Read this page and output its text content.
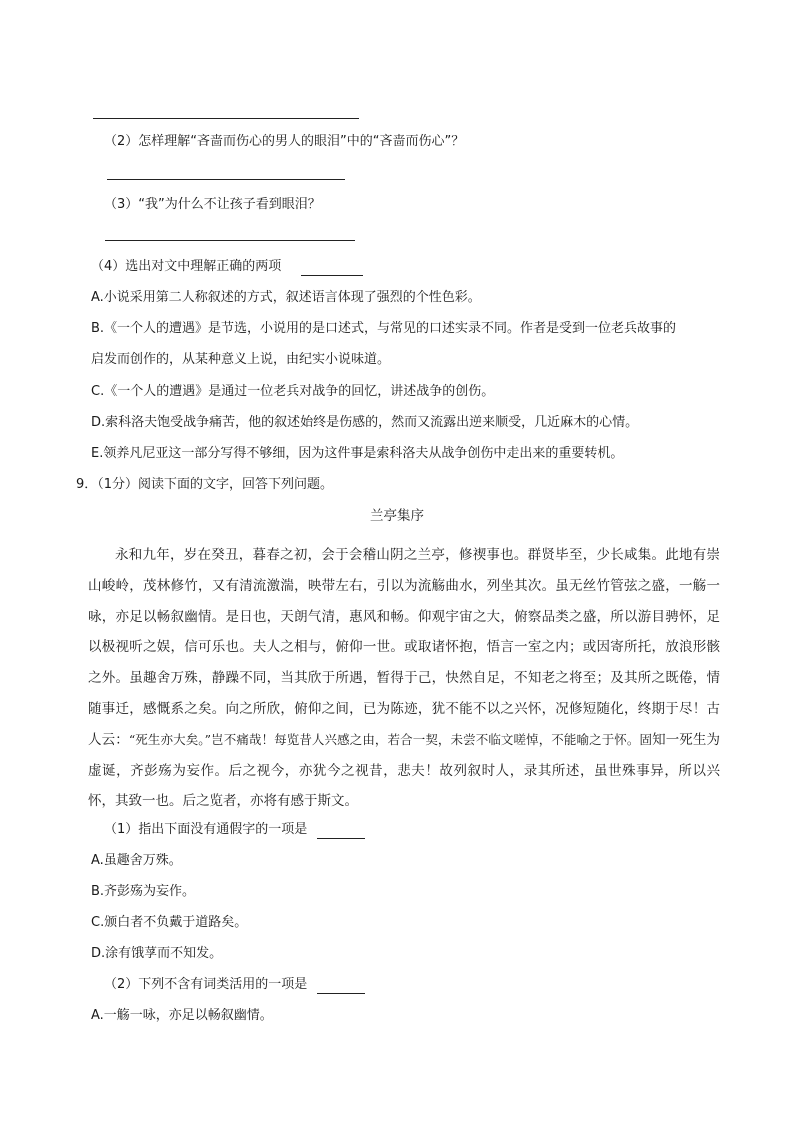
（2）怎样理解“吝啬而伤心的男人的眼泪”中的“吝啬而伤心”？
（3）“我”为什么不让孩子看到眼泪？
（4）选出对文中理解正确的两项
A.小说采用第二人称叙述的方式，叙述语言体现了强烈的个性色彩。
B.《一个人的遭遇》是节选，小说用的是口述式，与常见的口述实录不同。作者是受到一位老兵故事的
启发而创作的，从某种意义上说，由纪实小说味道。
C.《一个人的遭遇》是通过一位老兵对战争的回忆，讲述战争的创伤。
D.索科洛夫饱受战争痛苦，他的叙述始终是伤感的，然而又流露出逆来顺受，几近麻木的心情。
E.领养凡尼亚这一部分写得不够细，因为这件事是索科洛夫从战争创伤中走出来的重要转机。
9．（1分）阅读下面的文字，回答下列问题。
兰亭集序
永和九年，岁在癸丑，暮春之初，会于会稽山阴之兰亭，修禊事也。群贤毕至，少长咸集。此地有崇山峻岭，茂林修竹，又有清流激湍，映带左右，引以为流觞曲水，列坐其次。虽无丝竹管弦之盛，一觞一咏，亦足以畅叙幽情。是日也，天朗气清，惠风和畅。仰观宇宙之大，俯察品类之盛，所以游目骋怀，足以极视听之娱，信可乐也。夫人之相与，俯仰一世。或取诸怀抱，悟言一室之内；或因寄所托，放浪形骸之外。虽趣舍万殊，静躁不同，当其欣于所遇，暂得于己，快然自足，不知老之将至；及其所之既倦，情随事迁，感慨系之矣。向之所欣，俯仰之间，已为陈迹，犹不能不以之兴怀，况修短随化，终期于尽！古人云：“死生亦大矣。”岂不痛哉！每览昔人兴感之由，若合一契，未尝不临文嗟悼，不能喻之于怀。固知一死生为虚诞，齐彭殇为妄作。后之视今，亦犹今之视昔，悲夫！故列叙时人，录其所述，虽世殊事异，所以兴怀，其致一也。后之览者，亦将有感于斯文。
（1）指出下面没有通假字的一项是
A.虽趣舍万殊。
B.齐彭殇为妄作。
C.颁白者不负戴于道路矣。
D.涂有饿莩而不知发。
（2）下列不含有词类活用的一项是
A.一觞一咏，亦足以畅叙幽情。
